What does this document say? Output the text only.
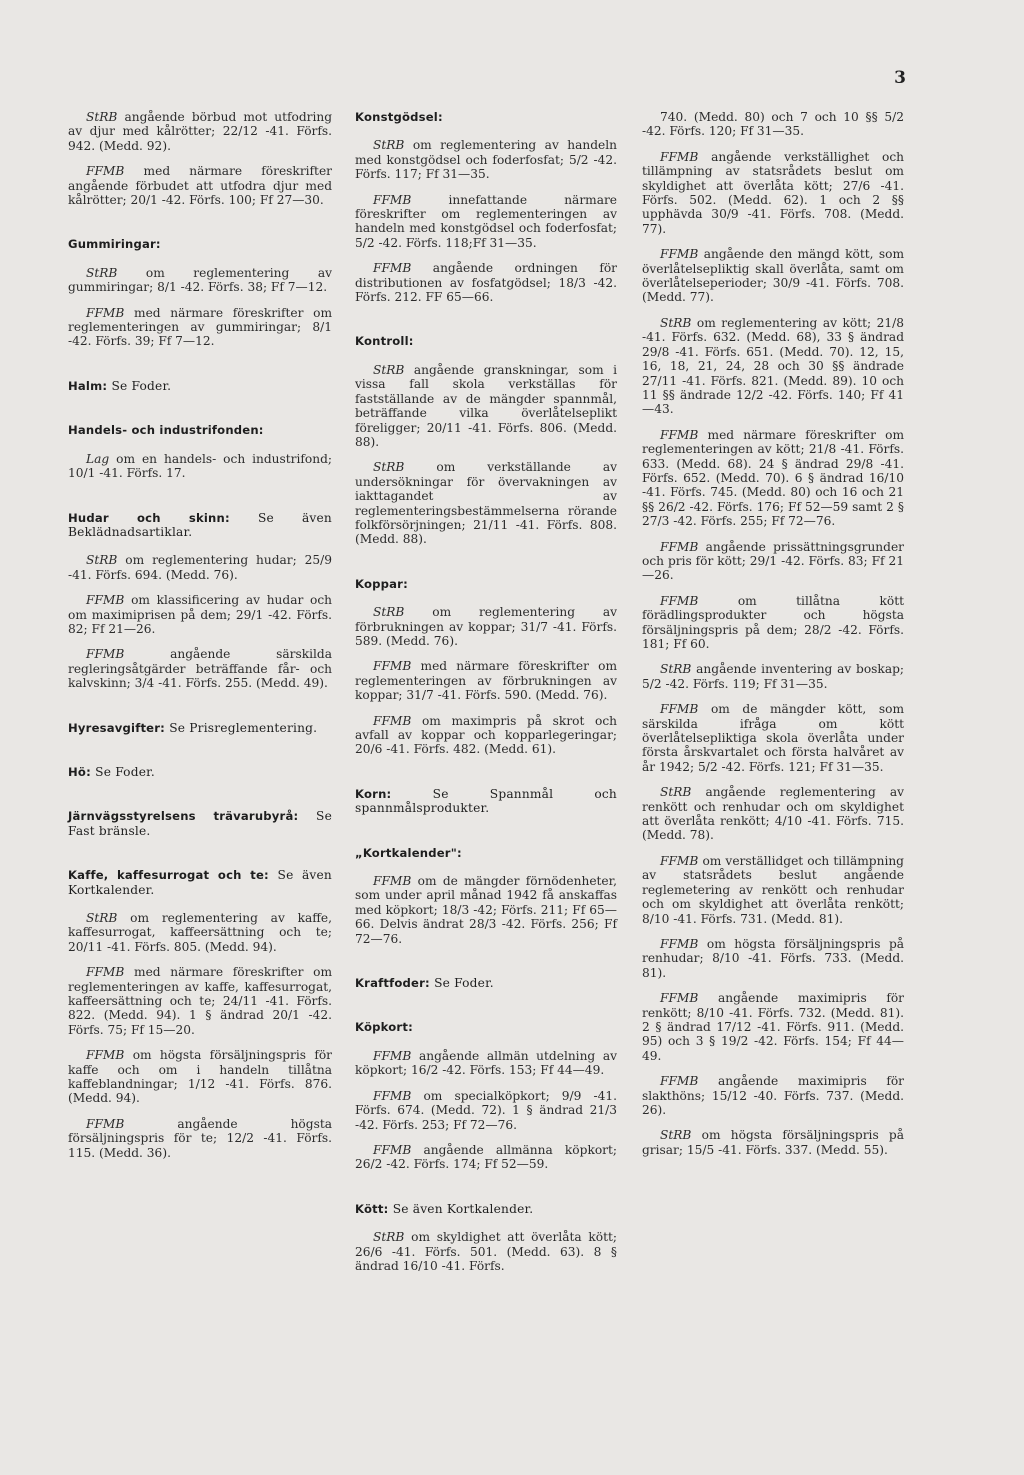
3
StRB angående börbud mot utfodring av djur med kålrötter; 22/12 -41. Förfs. 942. (Medd. 92).
FFMB med närmare föreskrifter angående förbudet att utfodra djur med kålrötter; 20/1 -42. Förfs. 100; Ff 27—30.
Gummiringar:
StRB om reglementering av gummiringar; 8/1 -42. Förfs. 38; Ff 7—12.
FFMB med närmare föreskrifter om reglementeringen av gummiringar; 8/1 -42. Förfs. 39; Ff 7—12.
Halm: Se Foder.
Handels- och industrifonden:
Lag om en handels- och industrifond; 10/1 -41. Förfs. 17.
Hudar och skinn: Se även Beklädnadsartiklar.
StRB om reglementering hudar; 25/9 -41. Förfs. 694. (Medd. 76).
FFMB om klassificering av hudar och om maximiprisen på dem; 29/1 -42. Förfs. 82; Ff 21—26.
FFMB	angående särskilda regleringsåtgärder beträffande får- och kalvskinn; 3/4 -41. Förfs. 255. (Medd. 49).
Hyresavgifter: Se Prisreglementering.
Hö: Se Foder.
Järnvägsstyrelsens trävarubyrå: Se Fast bränsle.
Kaffe, kaffesurrogat och te: Se även Kortkalender.
StRB om reglementering av kaffe, kaffesurrogat, kaffeersättning och te; 20/11 -41. Förfs. 805. (Medd. 94).
FFMB med närmare föreskrifter om reglementeringen av kaffe, kaffesurrogat, kaffeersättning och te; 24/11 -41. Förfs. 822. (Medd. 94). 1 § ändrad 20/1 -42. Förfs. 75; Ff 15—20.
FFMB om högsta försäljningspris för kaffe och om i handeln tillåtna kaffeblandningar; 1/12 -41. Förfs. 876. (Medd. 94).
FFMB	angående högsta försäljningspris för te; 12/2 -41. Förfs. 115. (Medd. 36).
Konstgödsel:
StRB om reglementering av handeln med konstgödsel och foderfosfat; 5/2 -42. Förfs. 117; Ff 31—35.
FFMB	innefattande närmare föreskrifter om reglementeringen av handeln med konstgödsel och foderfosfat; 5/2 -42. Förfs. 118;Ff 31—35.
FFMB angående ordningen för distributionen av fosfatgödsel; 18/3 -42. Förfs. 212. FF 65—66.
Kontroll:
StRB angående granskningar, som i vissa fall skola verkställas för fastställande av de mängder spannmål, beträffande vilka överlåtelseplikt föreligger; 20/11 -41. Förfs. 806. (Medd. 88).
StRB	om verkställande av undersökningar för övervakningen av iakttagandet av reglementeringsbestämmelserna rörande folkförsörjningen; 21/11 -41. Förfs. 808. (Medd. 88).
Koppar:
StRB om reglementering av förbrukningen av koppar; 31/7 -41. Förfs. 589. (Medd. 76).
FFMB med närmare föreskrifter om reglementeringen av förbrukningen av koppar; 31/7 -41. Förfs. 590. (Medd. 76).
FFMB om maximpris på skrot och avfall av koppar och kopparlegeringar; 20/6 -41. Förfs. 482. (Medd. 61).
Korn:	Se Spannmål och spannmålsprodukter.
„Kortkalender":
FFMB om de mängder förnödenheter, som under april månad 1942 få anskaffas med köpkort; 18/3 -42; Förfs. 211; Ff 65—66. Delvis ändrat 28/3 -42. Förfs. 256; Ff 72—76.
Kraftfoder: Se Foder.
Köpkort:
FFMB angående allmän utdelning av köpkort; 16/2 -42. Förfs. 153; Ff 44—49.
FFMB om specialköpkort; 9/9 -41. Förfs. 674. (Medd. 72). 1 § ändrad 21/3 -42. Förfs. 253; Ff 72—76.
FFMB angående allmänna köpkort; 26/2 -42. Förfs. 174; Ff 52—59.
Kött: Se även Kortkalender.
StRB om skyldighet att överlåta kött; 26/6 -41. Förfs. 501. (Medd. 63). 8 § ändrad 16/10 -41. Förfs.
740. (Medd. 80) och 7 och 10 §§ 5/2 -42. Förfs. 120; Ff 31—35.
FFMB angående verkställighet och tillämpning av statsrådets beslut om skyldighet att överlåta kött; 27/6 -41. Förfs. 502. (Medd. 62). 1 och 2 §§ upphävda 30/9 -41. Förfs. 708. (Medd. 77).
FFMB angående den mängd kött, som överlåtelsepliktig skall överlåta, samt om överlåtelseperioder; 30/9 -41. Förfs. 708. (Medd. 77).
StRB om reglementering av kött; 21/8 -41. Förfs. 632. (Medd. 68), 33 § ändrad 29/8 -41. Förfs. 651. (Medd. 70). 12, 15, 16, 18, 21, 24, 28 och 30 §§ ändrade 27/11 -41. Förfs. 821. (Medd. 89). 10 och 11 §§ ändrade 12/2 -42. Förfs. 140; Ff 41—43.
FFMB med närmare föreskrifter om reglementeringen av kött; 21/8 -41. Förfs. 633. (Medd. 68). 24 § ändrad 29/8 -41. Förfs. 652. (Medd. 70). 6 § ändrad 16/10 -41. Förfs. 745. (Medd. 80) och 16 och 21 §§ 26/2 -42. Förfs. 176; Ff 52—59 samt 2 § 27/3 -42. Förfs. 255; Ff 72—76.
FFMB angående prissättningsgrunder och pris för kött; 29/1 -42. Förfs. 83; Ff 21—26.
FFMB	om tillåtna kött förädlingsprodukter och högsta försäljningspris på dem; 28/2 -42. Förfs. 181; Ff 60.
StRB angående inventering av boskap; 5/2 -42. Förfs. 119; Ff 31—35.
FFMB om de mängder kött, som särskilda ifråga om kött överlåtelsepliktiga skola överlåta under första årskvartalet och första halvåret av år 1942; 5/2 -42. Förfs. 121; Ff 31—35.
StRB angående reglementering av renkött och renhudar och om skyldighet att överlåta renkött; 4/10 -41. Förfs. 715. (Medd. 78).
FFMB om verställidget och tillämpning av statsrådets beslut angående reglemetering av renkött och renhudar och om skyldighet att överlåta renkött; 8/10 -41. Förfs. 731. (Medd. 81).
FFMB om högsta försäljningspris på renhudar; 8/10 -41. Förfs. 733. (Medd. 81).
FFMB angående maximipris för renkött; 8/10 -41. Förfs. 732. (Medd. 81). 2 § ändrad 17/12 -41. Förfs. 911. (Medd. 95) och 3 § 19/2 -42. Förfs. 154; Ff 44—49.
FFMB angående maximipris för slakthöns; 15/12 -40. Förfs. 737. (Medd. 26).
StRB om högsta försäljningspris på grisar; 15/5 -41. Förfs. 337. (Medd. 55).
